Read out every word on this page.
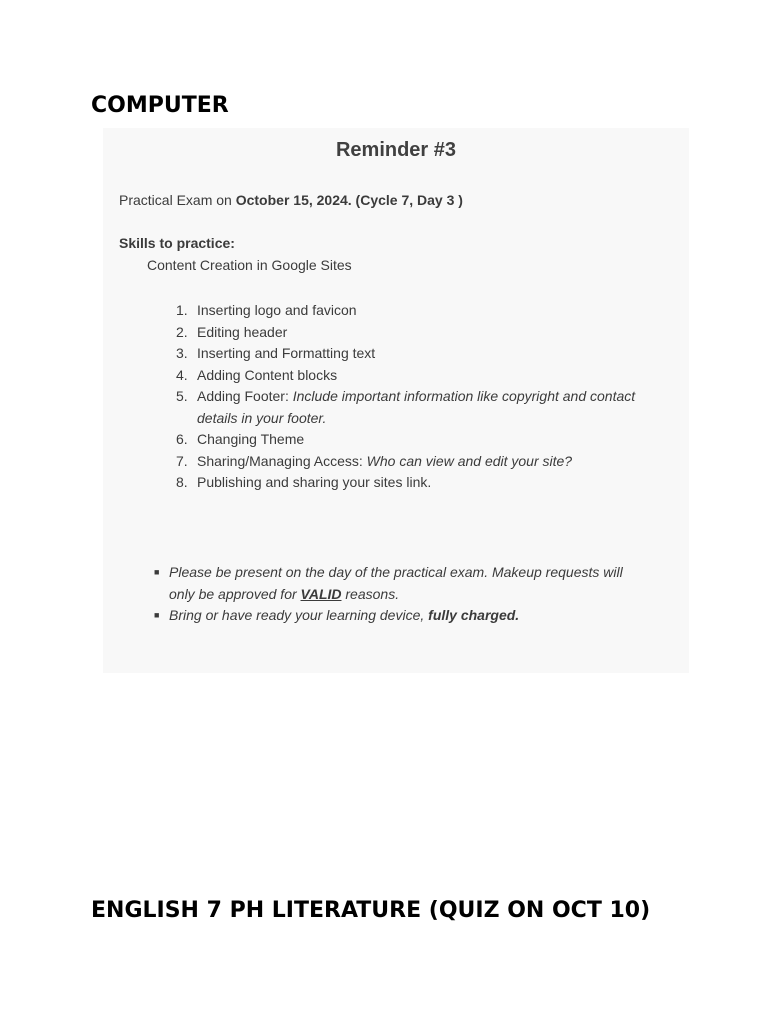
COMPUTER
Reminder #3
Practical Exam on October 15, 2024. (Cycle 7, Day 3 )
Skills to practice:
Content Creation in Google Sites
1. Inserting logo and favicon
2. Editing header
3. Inserting and Formatting text
4. Adding Content blocks
5. Adding Footer: Include important information like copyright and contact details in your footer.
6. Changing Theme
7. Sharing/Managing Access: Who can view and edit your site?
8. Publishing and sharing your sites link.
■ Please be present on the day of the practical exam. Makeup requests will only be approved for VALID reasons.
■ Bring or have ready your learning device, fully charged.
ENGLISH 7 PH LITERATURE (QUIZ ON OCT 10)
